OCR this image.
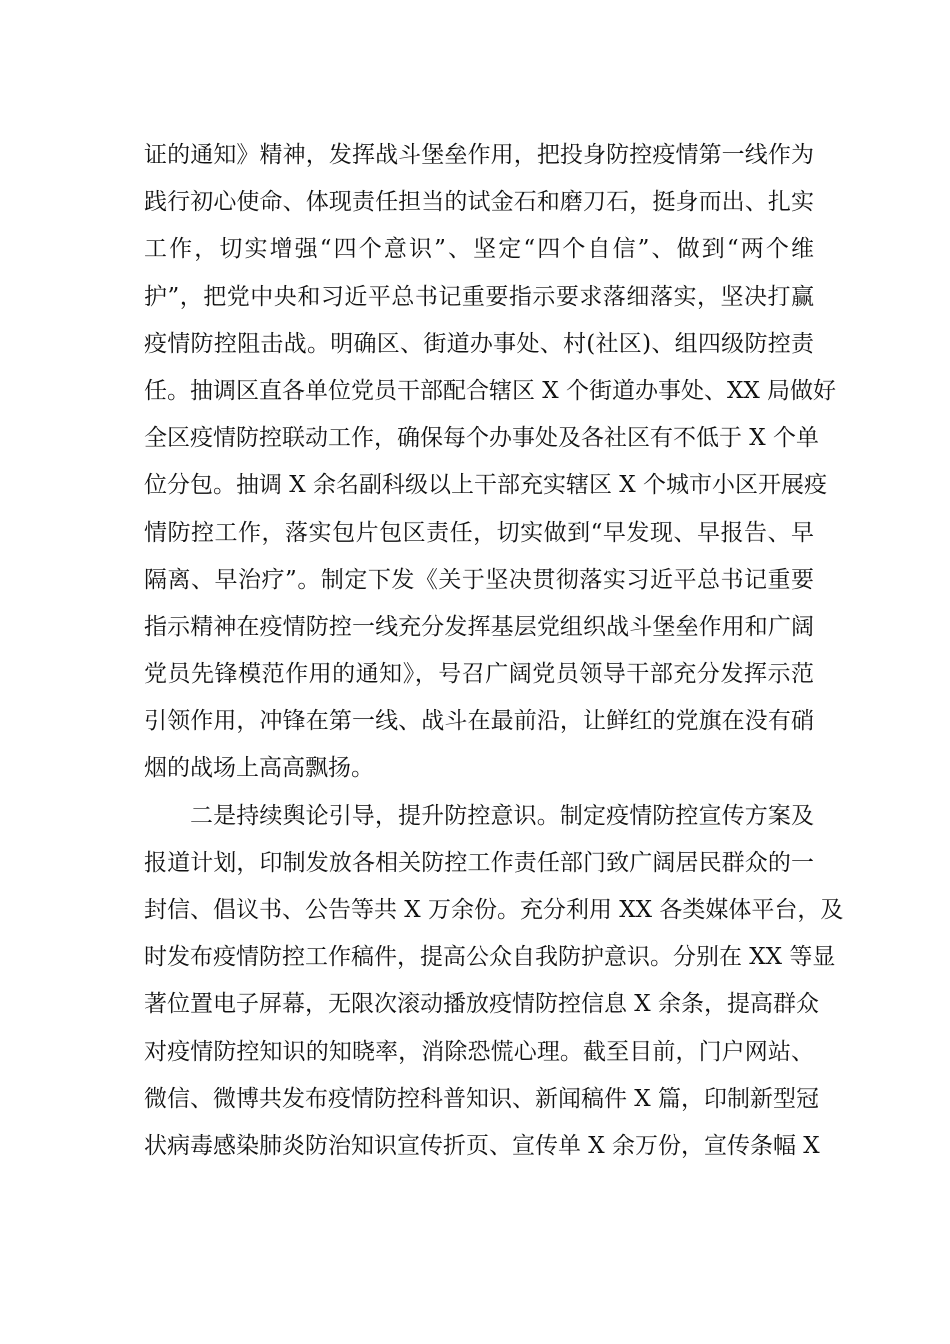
证的通知》精神，发挥战斗堡垒作用，把投身防控疫情第一线作为
践行初心使命、体现责任担当的试金石和磨刀石，挺身而出、扎实
工作，切实增强“四个意识”、坚定“四个自信”、做到“两个维
护”，把党中央和习近平总书记重要指示要求落细落实，坚决打赢
疫情防控阻击战。明确区、街道办事处、村(社区)、组四级防控责
任。抽调区直各单位党员干部配合辖区 X 个街道办事处、XX 局做好
全区疫情防控联动工作，确保每个办事处及各社区有不低于 X 个单
位分包。抽调 X 余名副科级以上干部充实辖区 X 个城市小区开展疫
情防控工作，落实包片包区责任，切实做到“早发现、早报告、早
隔离、早治疗”。制定下发《关于坚决贯彻落实习近平总书记重要
指示精神在疫情防控一线充分发挥基层党组织战斗堡垒作用和广阔
党员先锋模范作用的通知》，号召广阔党员领导干部充分发挥示范
引领作用，冲锋在第一线、战斗在最前沿，让鲜红的党旗在没有硝
烟的战场上高高飘扬。
二是持续舆论引导，提升防控意识。制定疫情防控宣传方案及
报道计划，印制发放各相关防控工作责任部门致广阔居民群众的一
封信、倡议书、公告等共 X 万余份。充分利用 XX 各类媒体平台，及
时发布疫情防控工作稿件，提高公众自我防护意识。分别在 XX 等显
著位置电子屏幕，无限次滚动播放疫情防控信息 X 余条，提高群众
对疫情防控知识的知晓率，消除恐慌心理。截至目前，门户网站、
微信、微博共发布疫情防控科普知识、新闻稿件 X 篇，印制新型冠
状病毒感染肺炎防治知识宣传折页、宣传单 X 余万份，宣传条幅 X
